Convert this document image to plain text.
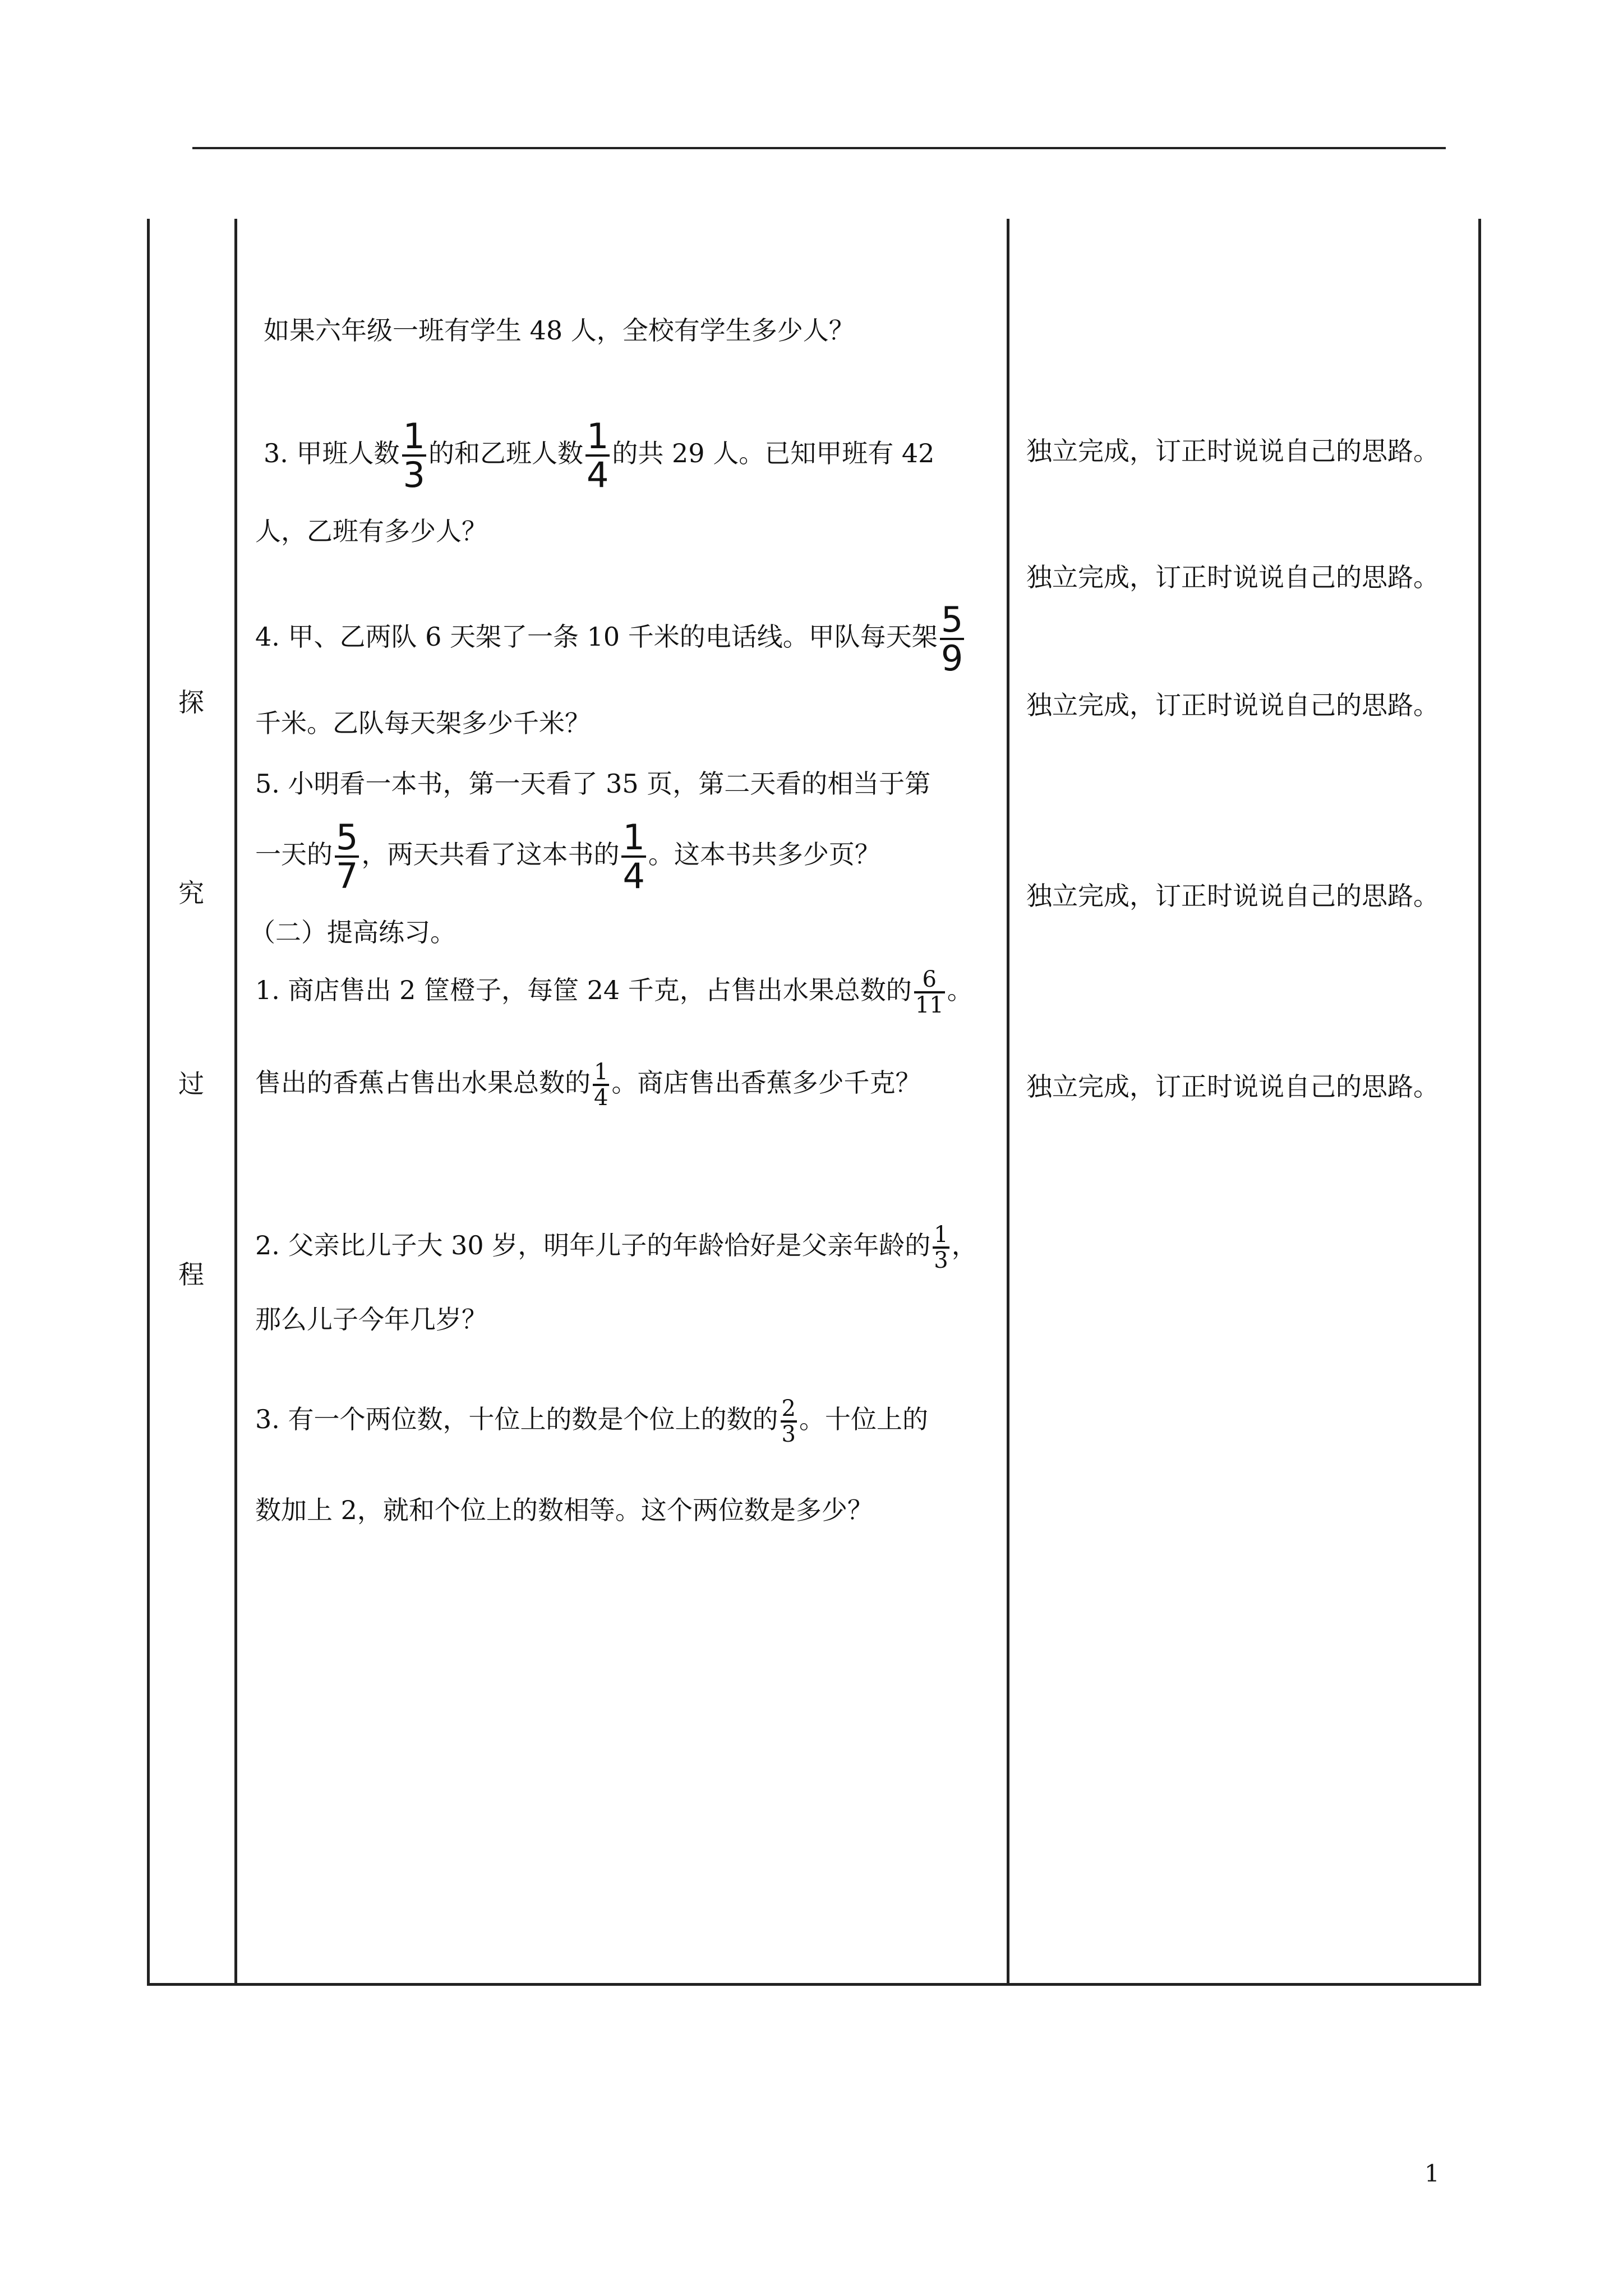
探
究
过
程
如果六年级一班有学生 48 人，全校有学生多少人？
3. 甲班人数 $\frac{1}{3}$ 的和乙班人数 $\frac{1}{4}$ 的共 29 人。已知甲班有 42
人，乙班有多少人？
4. 甲、乙两队 6 天架了一条 10 千米的电话线。甲队每天架 $\frac{5}{9}$
千米。乙队每天架多少千米？
5. 小明看一本书，第一天看了 35 页，第二天看的相当于第
一天的 $\frac{5}{7}$ ，两天共看了这本书的 $\frac{1}{4}$ 。这本书共多少页？
（二）提高练习。
1. 商店售出 2 筐橙子，每筐 24 千克，占售出水果总数的 $\frac{6}{11}$ 。
售出的香蕉占售出水果总数的 $\frac{1}{4}$ 。商店售出香蕉多少千克？
2. 父亲比儿子大 30 岁，明年儿子的年龄恰好是父亲年龄的 $\frac{1}{3}$ ，
那么儿子今年几岁？
3. 有一个两位数，十位上的数是个位上的数的 $\frac{2}{3}$ 。十位上的
数加上 2，就和个位上的数相等。这个两位数是多少？
独立完成，订正时说说自己的思路。
独立完成，订正时说说自己的思路。
独立完成，订正时说说自己的思路。
独立完成，订正时说说自己的思路。
独立完成，订正时说说自己的思路。
1
